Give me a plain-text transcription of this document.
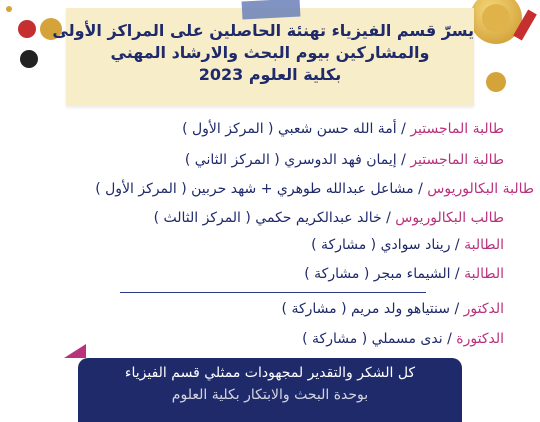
يسرّ قسم الفيزياء تهنئة الحاصلين على المراكز الأولى
والمشاركين بيوم البحث والارشاد المهني
بكلية العلوم 2023
طالبة الماجستير / أمة الله حسن شعبي ( المركز الأول )
طالبة الماجستير / إيمان فهد الدوسري ( المركز الثاني )
طالبة البكالوريوس / مشاعل عبدالله طوهري + شهد حربين ( المركز الأول )
طالب البكالوريوس / خالد عبدالكريم حكمي ( المركز الثالث )
الطالبة / ريناد سوادي ( مشاركة )
الطالبة / الشيماء مبجر ( مشاركة )
الدكتور / سنتياهو ولد مريم ( مشاركة )
الدكتورة / ندى مسملي ( مشاركة )
كل الشكر والتقدير لمجهودات ممثلي قسم الفيزياء
بوحدة البحث والابتكار بكلية العلوم
